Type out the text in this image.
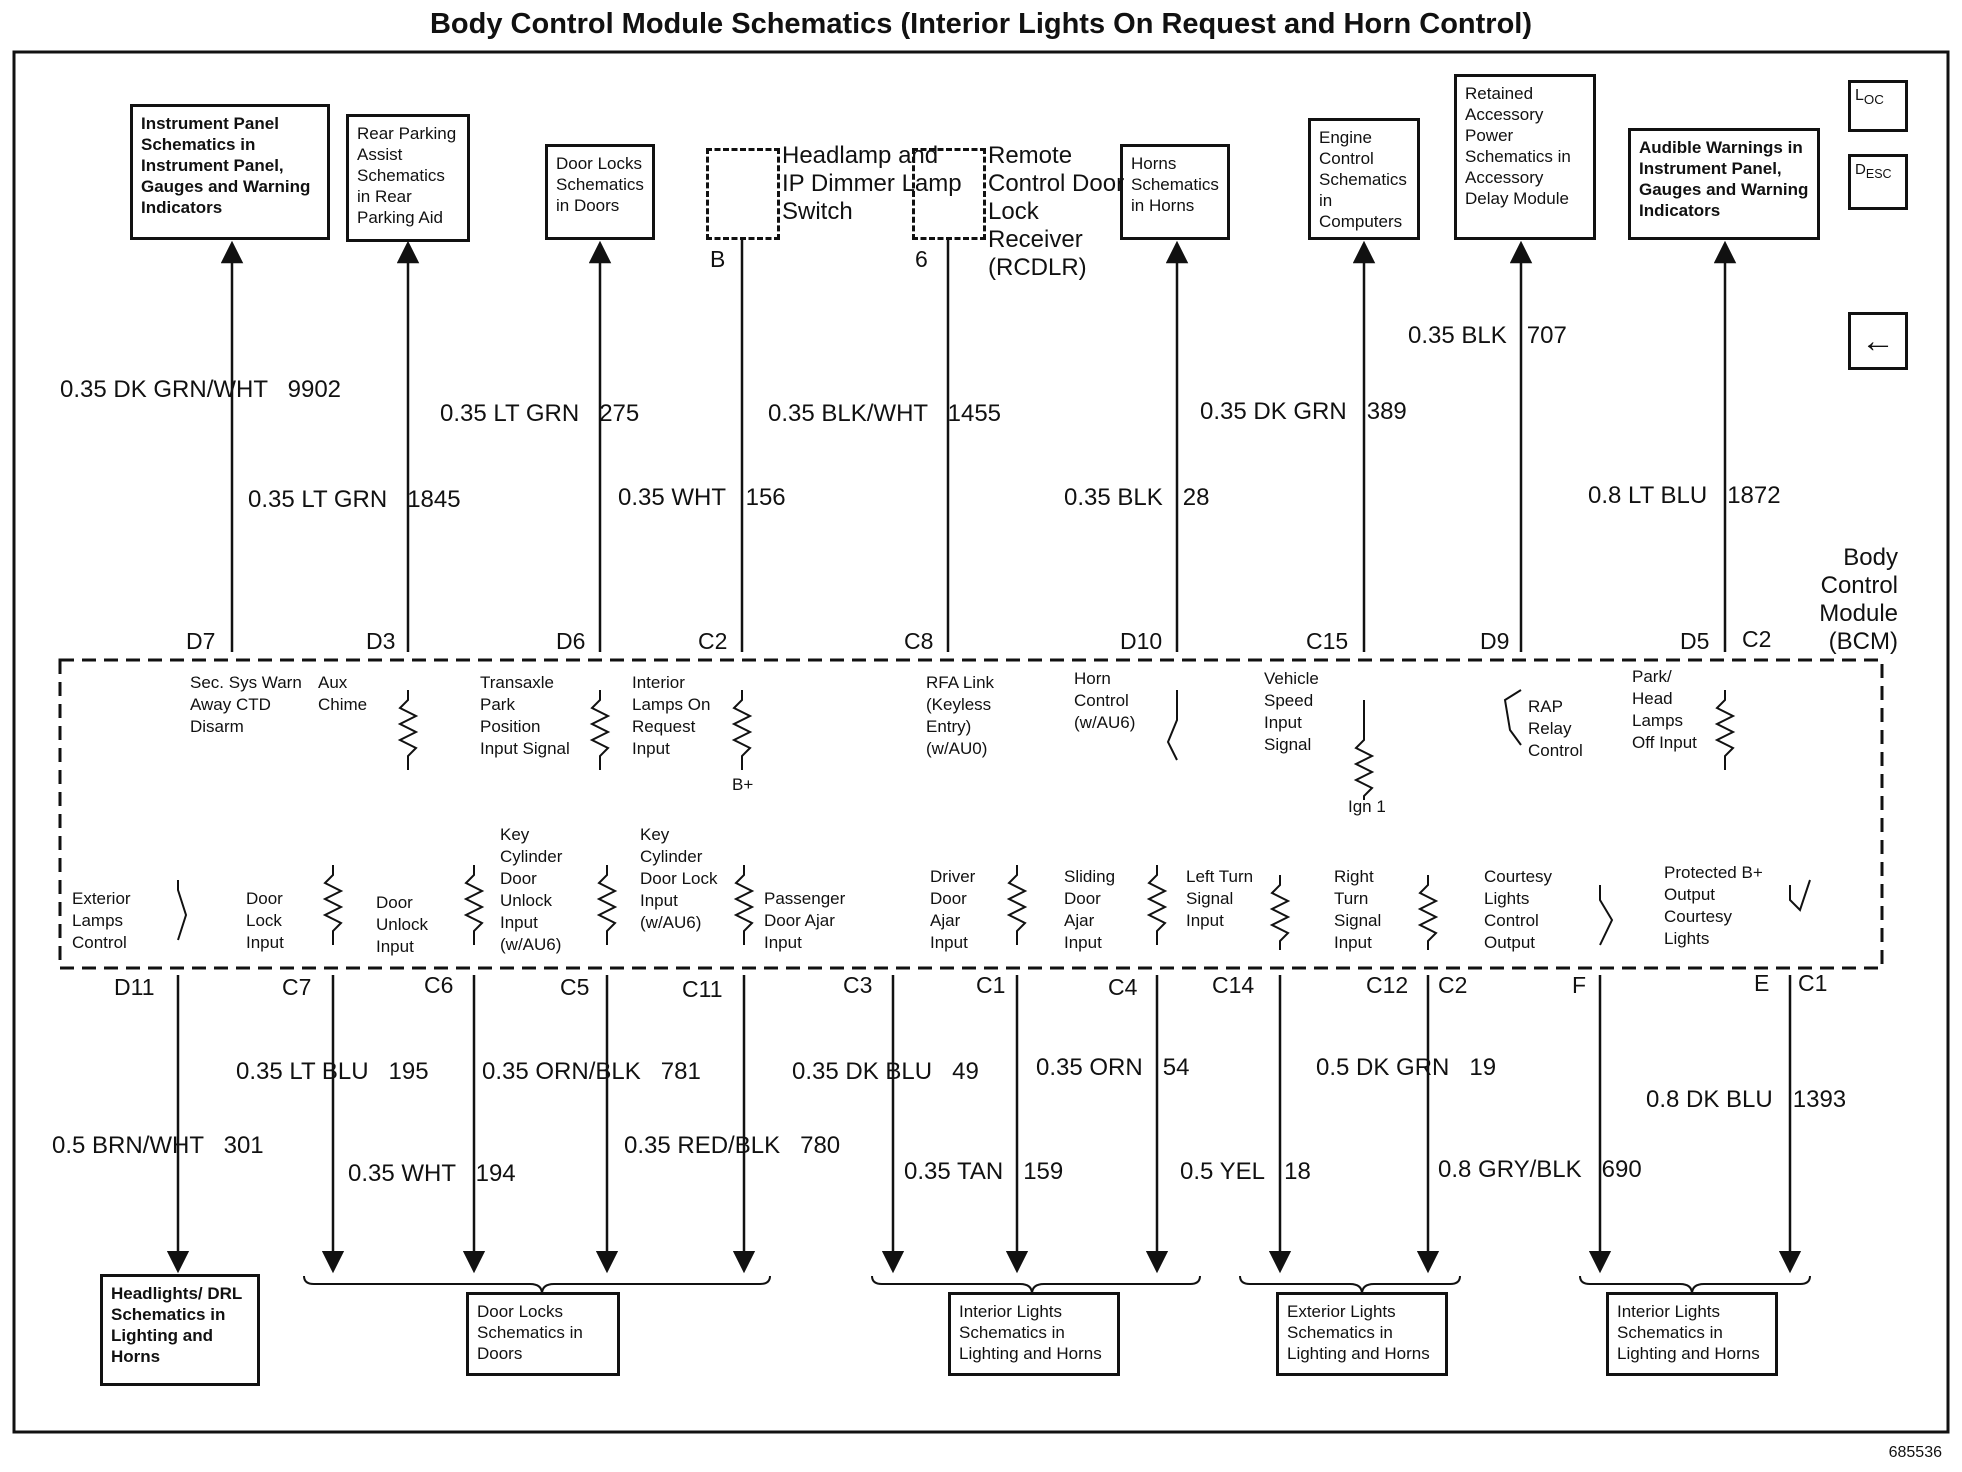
Body Control Module Schematics (Interior Lights On Request and Horn Control)
Instrument Panel Schematics in Instrument Panel, Gauges and Warning Indicators
Rear Parking Assist Schematics in Rear Parking Aid
Door Locks Schematics in Doors
Horns Schematics in Horns
Engine Control Schematics in Computers
Retained Accessory Power Schematics in Accessory Delay Module
Audible Warnings in Instrument Panel, Gauges and Warning Indicators
Headlamp and IP Dimmer Lamp Switch
B
Remote Control Door Lock Receiver (RCDLR)
6
$L_{OC}$
$D_{ESC}$
←
0.35 DK GRN/WHT 9902
0.35 LT GRN 1845
0.35 LT GRN 275
0.35 WHT 156
0.35 BLK/WHT 1455
0.35 BLK 28
0.35 DK GRN 389
0.35 BLK 707
0.8 LT BLU 1872
Body
Control
Module
(BCM)
D7	D3	D6	C2	C8	D10	C15	D9	D5 C2
Sec. Sys Warn Away CTD Disarm
Aux Chime
Transaxle Park Position Input Signal
Interior Lamps On Request Input
RFA Link (Keyless Entry) (w/AU0)
Horn Control (w/AU6)
Vehicle Speed Input Signal
RAP Relay Control
Park/ Head Lamps Off Input
B+
Ign 1
Exterior Lamps Control
Door Lock Input
Door Unlock Input
Key Cylinder Door Unlock Input (w/AU6)
Key Cylinder Door Lock Input (w/AU6)
Passenger Door Ajar Input
Driver Door Ajar Input
Sliding Door Ajar Input
Left Turn Signal Input
Right Turn Signal Input
Courtesy Lights Control Output
Protected B+ Output Courtesy Lights
D11	C7	C6	C5	C11	C3	C1	C4	C14	C12 C2	F	E C1
0.5 BRN/WHT 301
0.35 LT BLU 195
0.35 WHT 194
0.35 ORN/BLK 781
0.35 RED/BLK 780
0.35 DK BLU 49
0.35 TAN 159
0.35 ORN 54
0.5 YEL 18
0.5 DK GRN 19
0.8 GRY/BLK 690
0.8 DK BLU 1393
Headlights/ DRL Schematics in Lighting and Horns
Door Locks Schematics in Doors
Interior Lights Schematics in Lighting and Horns
Exterior Lights Schematics in Lighting and Horns
Interior Lights Schematics in Lighting and Horns
685536
